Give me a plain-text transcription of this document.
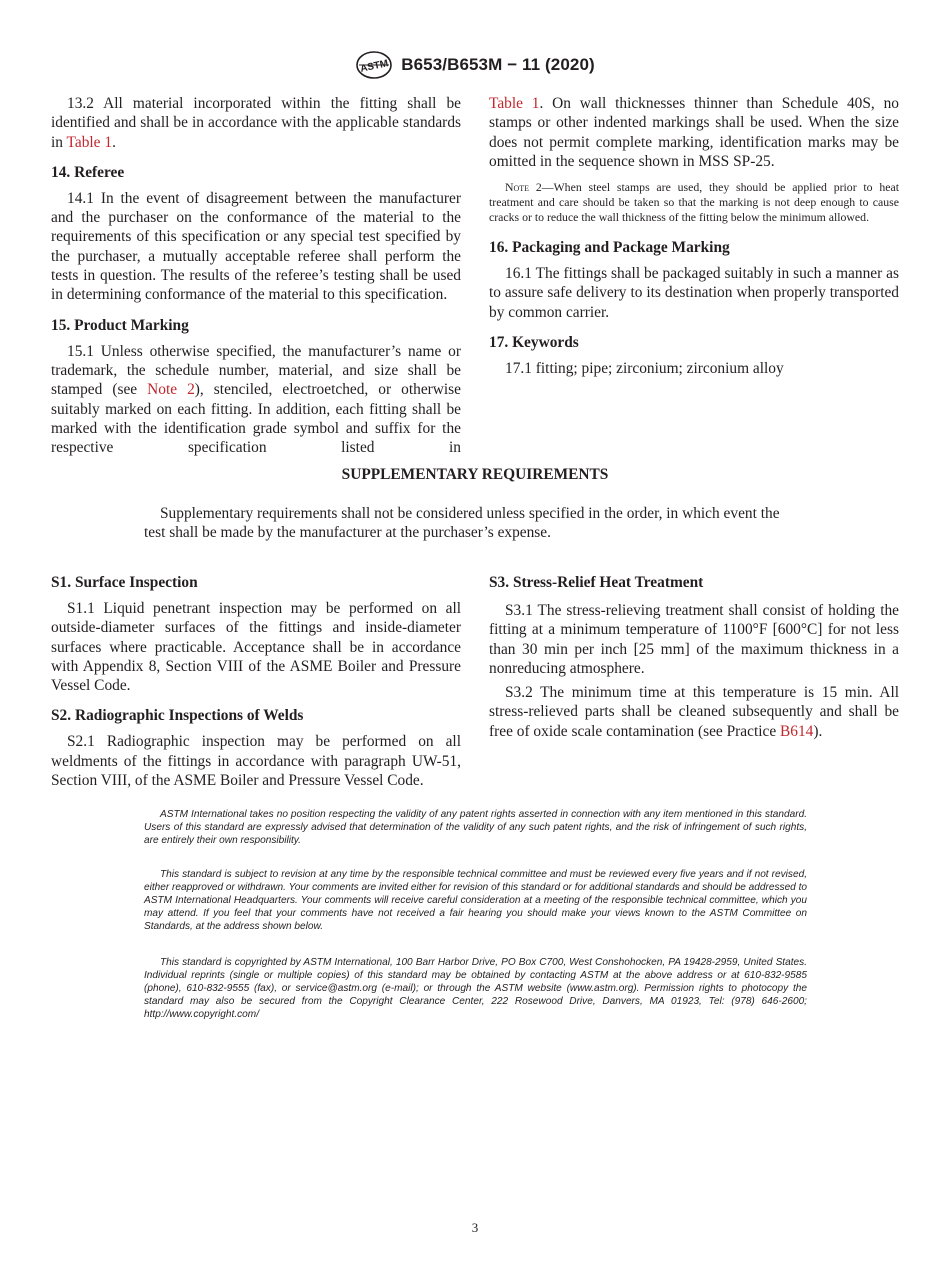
ASTM B653/B653M − 11 (2020)

13.2 All material incorporated within the fitting shall be identified and shall be in accordance with the applicable standards in Table 1.

14. Referee

14.1 In the event of disagreement between the manufacturer and the purchaser on the conformance of the material to the requirements of this specification or any special test specified by the purchaser, a mutually acceptable referee shall perform the tests in question. The results of the referee’s testing shall be used in determining conformance of the material to this specification.

15. Product Marking

15.1 Unless otherwise specified, the manufacturer’s name or trademark, the schedule number, material, and size shall be stamped (see Note 2), stenciled, electroetched, or otherwise suitably marked on each fitting. In addition, each fitting shall be marked with the identification grade symbol and suffix for the respective specification listed in

Table 1. On wall thicknesses thinner than Schedule 40S, no stamps or other indented markings shall be used. When the size does not permit complete marking, identification marks may be omitted in the sequence shown in MSS SP-25.

Note 2—When steel stamps are used, they should be applied prior to heat treatment and care should be taken so that the marking is not deep enough to cause cracks or to reduce the wall thickness of the fitting below the minimum allowed.

16. Packaging and Package Marking

16.1 The fittings shall be packaged suitably in such a manner as to assure safe delivery to its destination when properly transported by common carrier.

17. Keywords

17.1 fitting; pipe; zirconium; zirconium alloy

SUPPLEMENTARY REQUIREMENTS
Supplementary requirements shall not be considered unless specified in the order, in which event the
test shall be made by the manufacturer at the purchaser’s expense.
S1. Surface Inspection

S1.1 Liquid penetrant inspection may be performed on all outside-diameter surfaces of the fittings and inside-diameter surfaces where practicable. Acceptance shall be in accordance with Appendix 8, Section VIII of the ASME Boiler and Pressure Vessel Code.

S2. Radiographic Inspections of Welds

S2.1 Radiographic inspection may be performed on all weldments of the fittings in accordance with paragraph UW-51, Section VIII, of the ASME Boiler and Pressure Vessel Code.

S3. Stress-Relief Heat Treatment

S3.1 The stress-relieving treatment shall consist of holding the fitting at a minimum temperature of 1100°F [600°C] for not less than 30 min per inch [25 mm] of the maximum thickness in a nonreducing atmosphere.

S3.2 The minimum time at this temperature is 15 min. All stress-relieved parts shall be cleaned subsequently and shall be free of oxide scale contamination (see Practice B614).

ASTM International takes no position respecting the validity of any patent rights asserted in connection with any item mentioned in this standard. Users of this standard are expressly advised that determination of the validity of any such patent rights, and the risk of infringement of such rights, are entirely their own responsibility.

This standard is subject to revision at any time by the responsible technical committee and must be reviewed every five years and if not revised, either reapproved or withdrawn. Your comments are invited either for revision of this standard or for additional standards and should be addressed to ASTM International Headquarters. Your comments will receive careful consideration at a meeting of the responsible technical committee, which you may attend. If you feel that your comments have not received a fair hearing you should make your views known to the ASTM Committee on Standards, at the address shown below.

This standard is copyrighted by ASTM International, 100 Barr Harbor Drive, PO Box C700, West Conshohocken, PA 19428-2959, United States. Individual reprints (single or multiple copies) of this standard may be obtained by contacting ASTM at the above address or at 610-832-9585 (phone), 610-832-9555 (fax), or service@astm.org (e-mail); or through the ASTM website (www.astm.org). Permission rights to photocopy the standard may also be secured from the Copyright Clearance Center, 222 Rosewood Drive, Danvers, MA 01923, Tel: (978) 646-2600; http://www.copyright.com/

3
